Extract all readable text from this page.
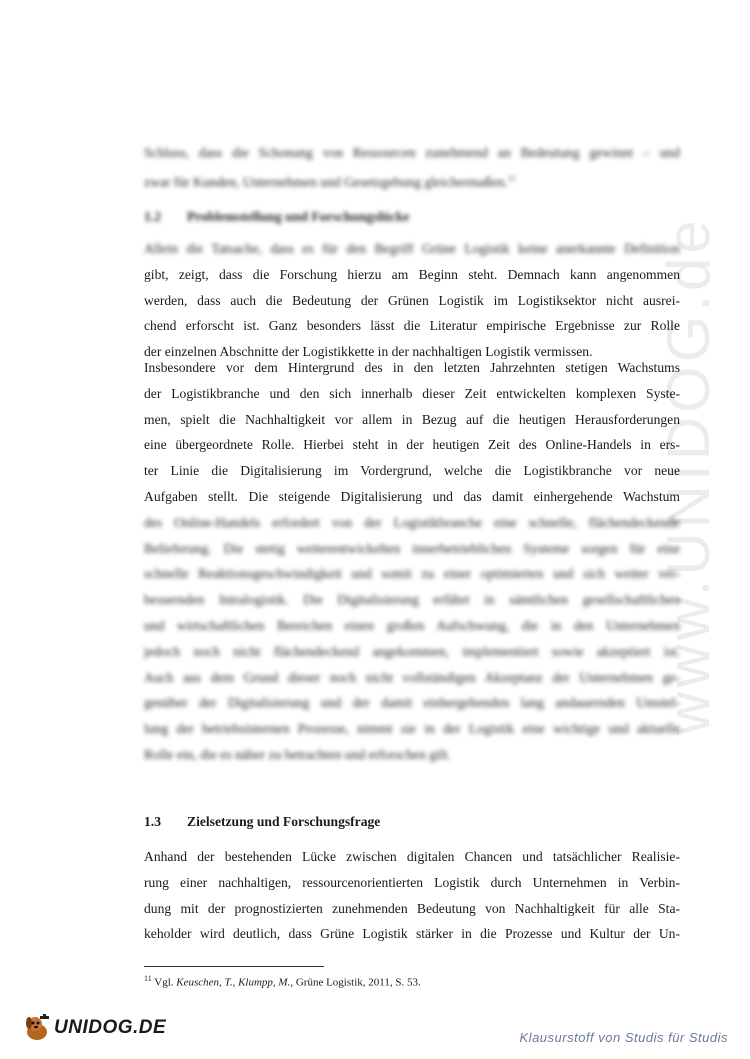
www.UNIDOG.de
Schluss, dass die Schonung von Ressourcen zunehmend an Bedeutung gewinnt – und
zwar für Kunden, Unternehmen und Gesetzgebung gleichermaßen.$^{11}$
1.2 Problemstellung und Forschungslücke
Allein die Tatsache, dass es für den Begriff Grüne Logistik keine anerkannte Definition
gibt, zeigt, dass die Forschung hierzu am Beginn steht. Demnach kann angenommen
werden, dass auch die Bedeutung der Grünen Logistik im Logistiksektor nicht ausrei-
chend erforscht ist. Ganz besonders lässt die Literatur empirische Ergebnisse zur Rolle
der einzelnen Abschnitte der Logistikkette in der nachhaltigen Logistik vermissen.
Insbesondere vor dem Hintergrund des in den letzten Jahrzehnten stetigen Wachstums
der Logistikbranche und den sich innerhalb dieser Zeit entwickelten komplexen Syste-
men, spielt die Nachhaltigkeit vor allem in Bezug auf die heutigen Herausforderungen
eine übergeordnete Rolle. Hierbei steht in der heutigen Zeit des Online-Handels in ers-
ter Linie die Digitalisierung im Vordergrund, welche die Logistikbranche vor neue
Aufgaben stellt. Die steigende Digitalisierung und das damit einhergehende Wachstum
des Online-Handels erfordert von der Logistikbranche eine schnelle, flächendeckende
Belieferung. Die stetig weiterentwickelten innerbetrieblichen Systeme sorgen für eine
schnelle Reaktionsgeschwindigkeit und somit zu einer optimierten und sich weiter ver-
bessernden Intralogistik. Die Digitalisierung erfährt in sämtlichen gesellschaftlichen
und wirtschaftlichen Bereichen einen großen Aufschwung, die in den Unternehmen
jedoch noch nicht flächendeckend angekommen, implementiert sowie akzeptiert ist.
Auch aus dem Grund dieser noch nicht vollständigen Akzeptanz der Unternehmen ge-
genüber der Digitalisierung und der damit einhergehenden lang andauernden Umstel-
lung der betriebsinternen Prozesse, nimmt sie in der Logistik eine wichtige und aktuelle
Rolle ein, die es näher zu betrachten und erforschen gilt.
1.3 Zielsetzung und Forschungsfrage
Anhand der bestehenden Lücke zwischen digitalen Chancen und tatsächlicher Realisie-
rung einer nachhaltigen, ressourcenorientierten Logistik durch Unternehmen in Verbin-
dung mit der prognostizierten zunehmenden Bedeutung von Nachhaltigkeit für alle Sta-
keholder wird deutlich, dass Grüne Logistik stärker in die Prozesse und Kultur der Un-
$^{11}$ Vgl. Keuschen, T., Klumpp, M., Grüne Logistik, 2011, S. 53.
UNIDOG.DE	Klausurstoff von Studis für Studis
